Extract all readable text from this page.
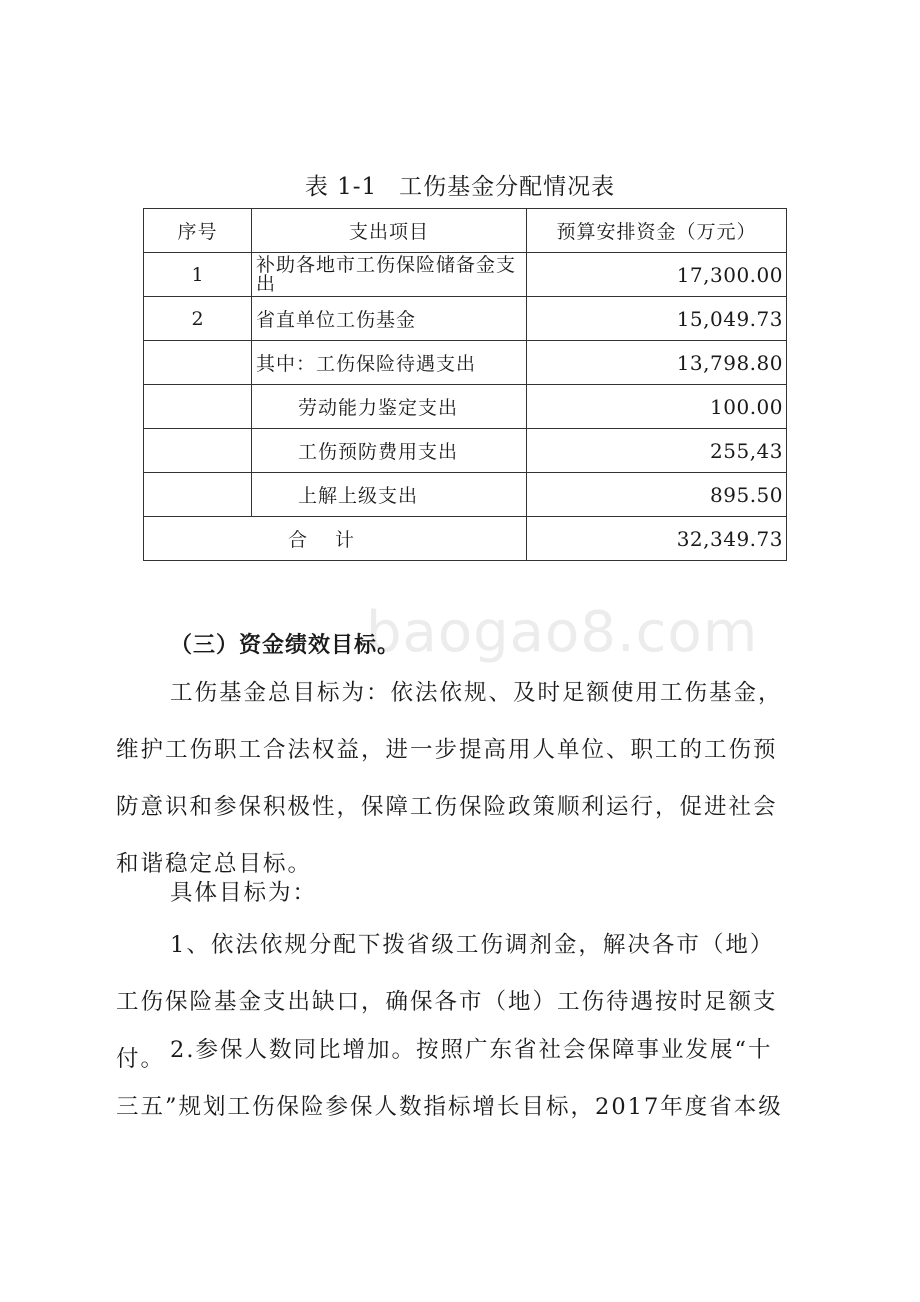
表 1-1 工伤基金分配情况表
序号	支出项目	预算安排资金（万元）
1	补助各地市工伤保险储备金支出	17,300.00
2	省直单位工伤基金	15,049.73
	其中：工伤保险待遇支出	13,798.80
	劳动能力鉴定支出	100.00
	工伤预防费用支出	255,43
	上解上级支出	895.50
合计		32,349.73
baogao8.com
（三）资金绩效目标。

工伤基金总目标为：依法依规、及时足额使用工伤基金，维护工伤职工合法权益，进一步提高用人单位、职工的工伤预防意识和参保积极性，保障工伤保险政策顺利运行，促进社会和谐稳定总目标。

具体目标为：

1、依法依规分配下拨省级工伤调剂金，解决各市（地）工伤保险基金支出缺口，确保各市（地）工伤待遇按时足额支付。 2.参保人数同比增加。按照广东省社会保障事业发展“十三五”规划工伤保险参保人数指标增长目标，2017年度省本级
